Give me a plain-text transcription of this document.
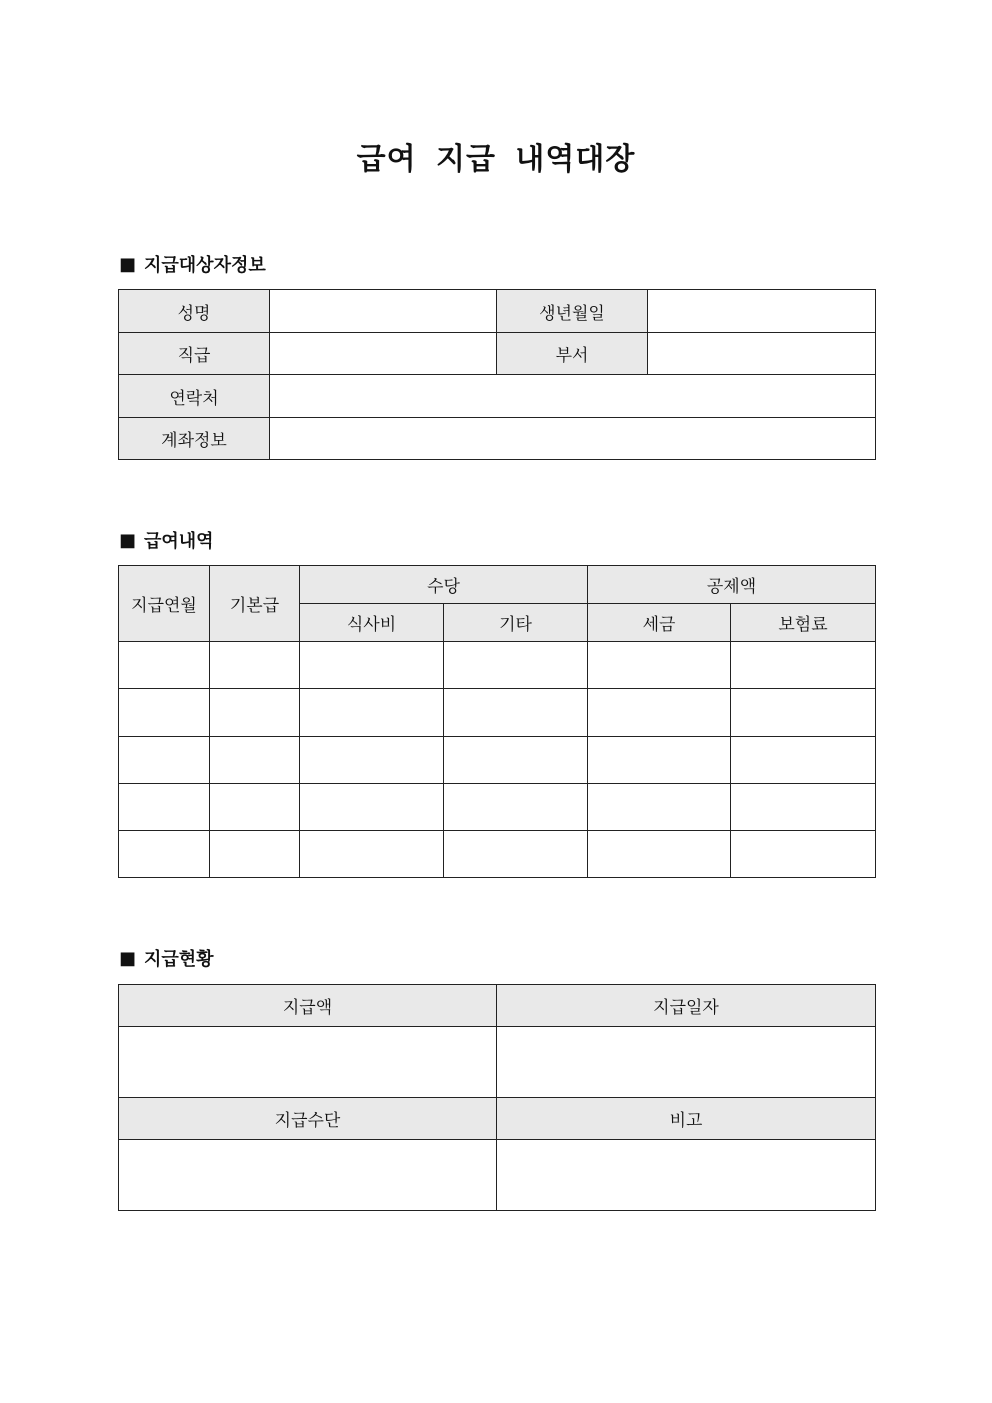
급여 지급 내역대장
■ 지급대상자정보
성명		생년월일	
직급		부서	
연락처			
계좌정보			
■ 급여내역
지급연월	기본급	수당		공제액	
		식사비	기타	세금	보험료

■ 지급현황
지급액	지급일자

지급수단	비고
